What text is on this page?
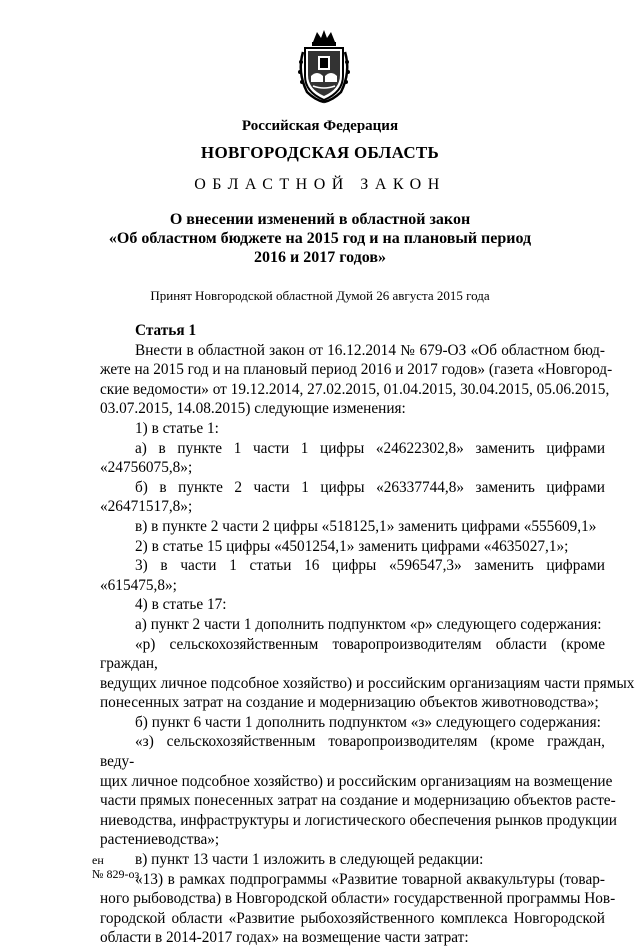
Российская Федерация
НОВГОРОДСКАЯ ОБЛАСТЬ
ОБЛАСТНОЙ ЗАКОН
О внесении изменений в областной закон
«Об областном бюджете на 2015 год и на плановый период
2016 и 2017 годов»
Принят Новгородской областной Думой 26 августа 2015 года

Статья 1

Внести в областной закон от 16.12.2014 № 679-ОЗ «Об областном бюд-
жете на 2015 год и на плановый период 2016 и 2017 годов» (газета «Новгород-
ские ведомости» от 19.12.2014, 27.02.2015, 01.04.2015, 30.04.2015, 05.06.2015,
03.07.2015, 14.08.2015) следующие изменения:

1) в статье 1:

а) в пункте 1 части 1 цифры «24622302,8» заменить цифрами «24756075,8»;

б) в пункте 2 части 1 цифры «26337744,8» заменить цифрами «26471517,8»;

в) в пункте 2 части 2 цифры «518125,1» заменить цифрами «555609,1»

2) в статье 15 цифры «4501254,1» заменить цифрами «4635027,1»;

3) в части 1 статьи 16 цифры «596547,3» заменить цифрами «615475,8»;

4) в статье 17:

а) пункт 2 части 1 дополнить подпунктом «р» следующего содержания:

«р) сельскохозяйственным товаропроизводителям области (кроме граждан,
ведущих личное подсобное хозяйство) и российским организациям части прямых
понесенных затрат на создание и модернизацию объектов животноводства»;

б) пункт 6 части 1 дополнить подпунктом «з» следующего содержания:

«з) сельскохозяйственным товаропроизводителям (кроме граждан, веду-
щих личное подсобное хозяйство) и российским организациям на возмещение
части прямых понесенных затрат на создание и модернизацию объектов расте-
ниеводства, инфраструктуры и логистического обеспечения рынков продукции
растениеводства»;

в) пункт 13 части 1 изложить в следующей редакции:

«13) в рамках подпрограммы «Развитие товарной аквакультуры (товар-
ного рыбоводства) в Новгородской области» государственной программы Нов-
городской области «Развитие рыбохозяйственного комплекса Новгородской
области в 2014-2017 годах» на возмещение части затрат:
ен
№ 829-оз
